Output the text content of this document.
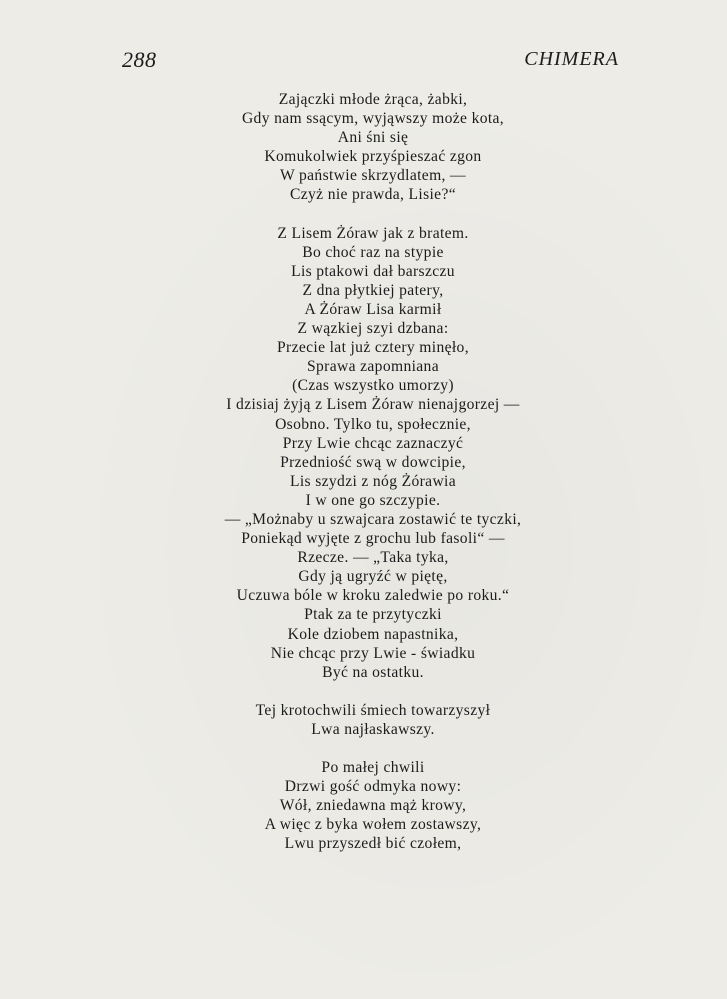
288	CHIMERA
Zajączki młode żrąca, żabki,
Gdy nam ssącym, wyjąwszy może kota,
Ani śni się
Komukolwiek przyśpieszać zgon
W państwie skrzydlatem, —
Czyż nie prawda, Lisie?“
Z Lisem Żóraw jak z bratem.
Bo choć raz na stypie
Lis ptakowi dał barszczu
Z dna płytkiej patery,
A Żóraw Lisa karmił
Z wązkiej szyi dzbana:
Przecie lat już cztery minęło,
Sprawa zapomniana
(Czas wszystko umorzy)
I dzisiaj żyją z Lisem Żóraw nienajgorzej —
Osobno. Tylko tu, społecznie,
Przy Lwie chcąc zaznaczyć
Przedniość swą w dowcipie,
Lis szydzi z nóg Żórawia
I w one go szczypie.
— „Możnaby u szwajcara zostawić te tyczki,
Poniekąd wyjęte z grochu lub fasoli“ —
Rzecze. — „Taka tyka,
Gdy ją ugryźć w piętę,
Uczuwa bóle w kroku zaledwie po roku.“
Ptak za te przytyczki
Kole dziobem napastnika,
Nie chcąc przy Lwie - świadku
Być na ostatku.
Tej krotochwili śmiech towarzyszył
Lwa najłaskawszy.
Po małej chwili
Drzwi gość odmyka nowy:
Wół, zniedawna mąż krowy,
A więc z byka wołem zostawszy,
Lwu przyszedł bić czołem,
